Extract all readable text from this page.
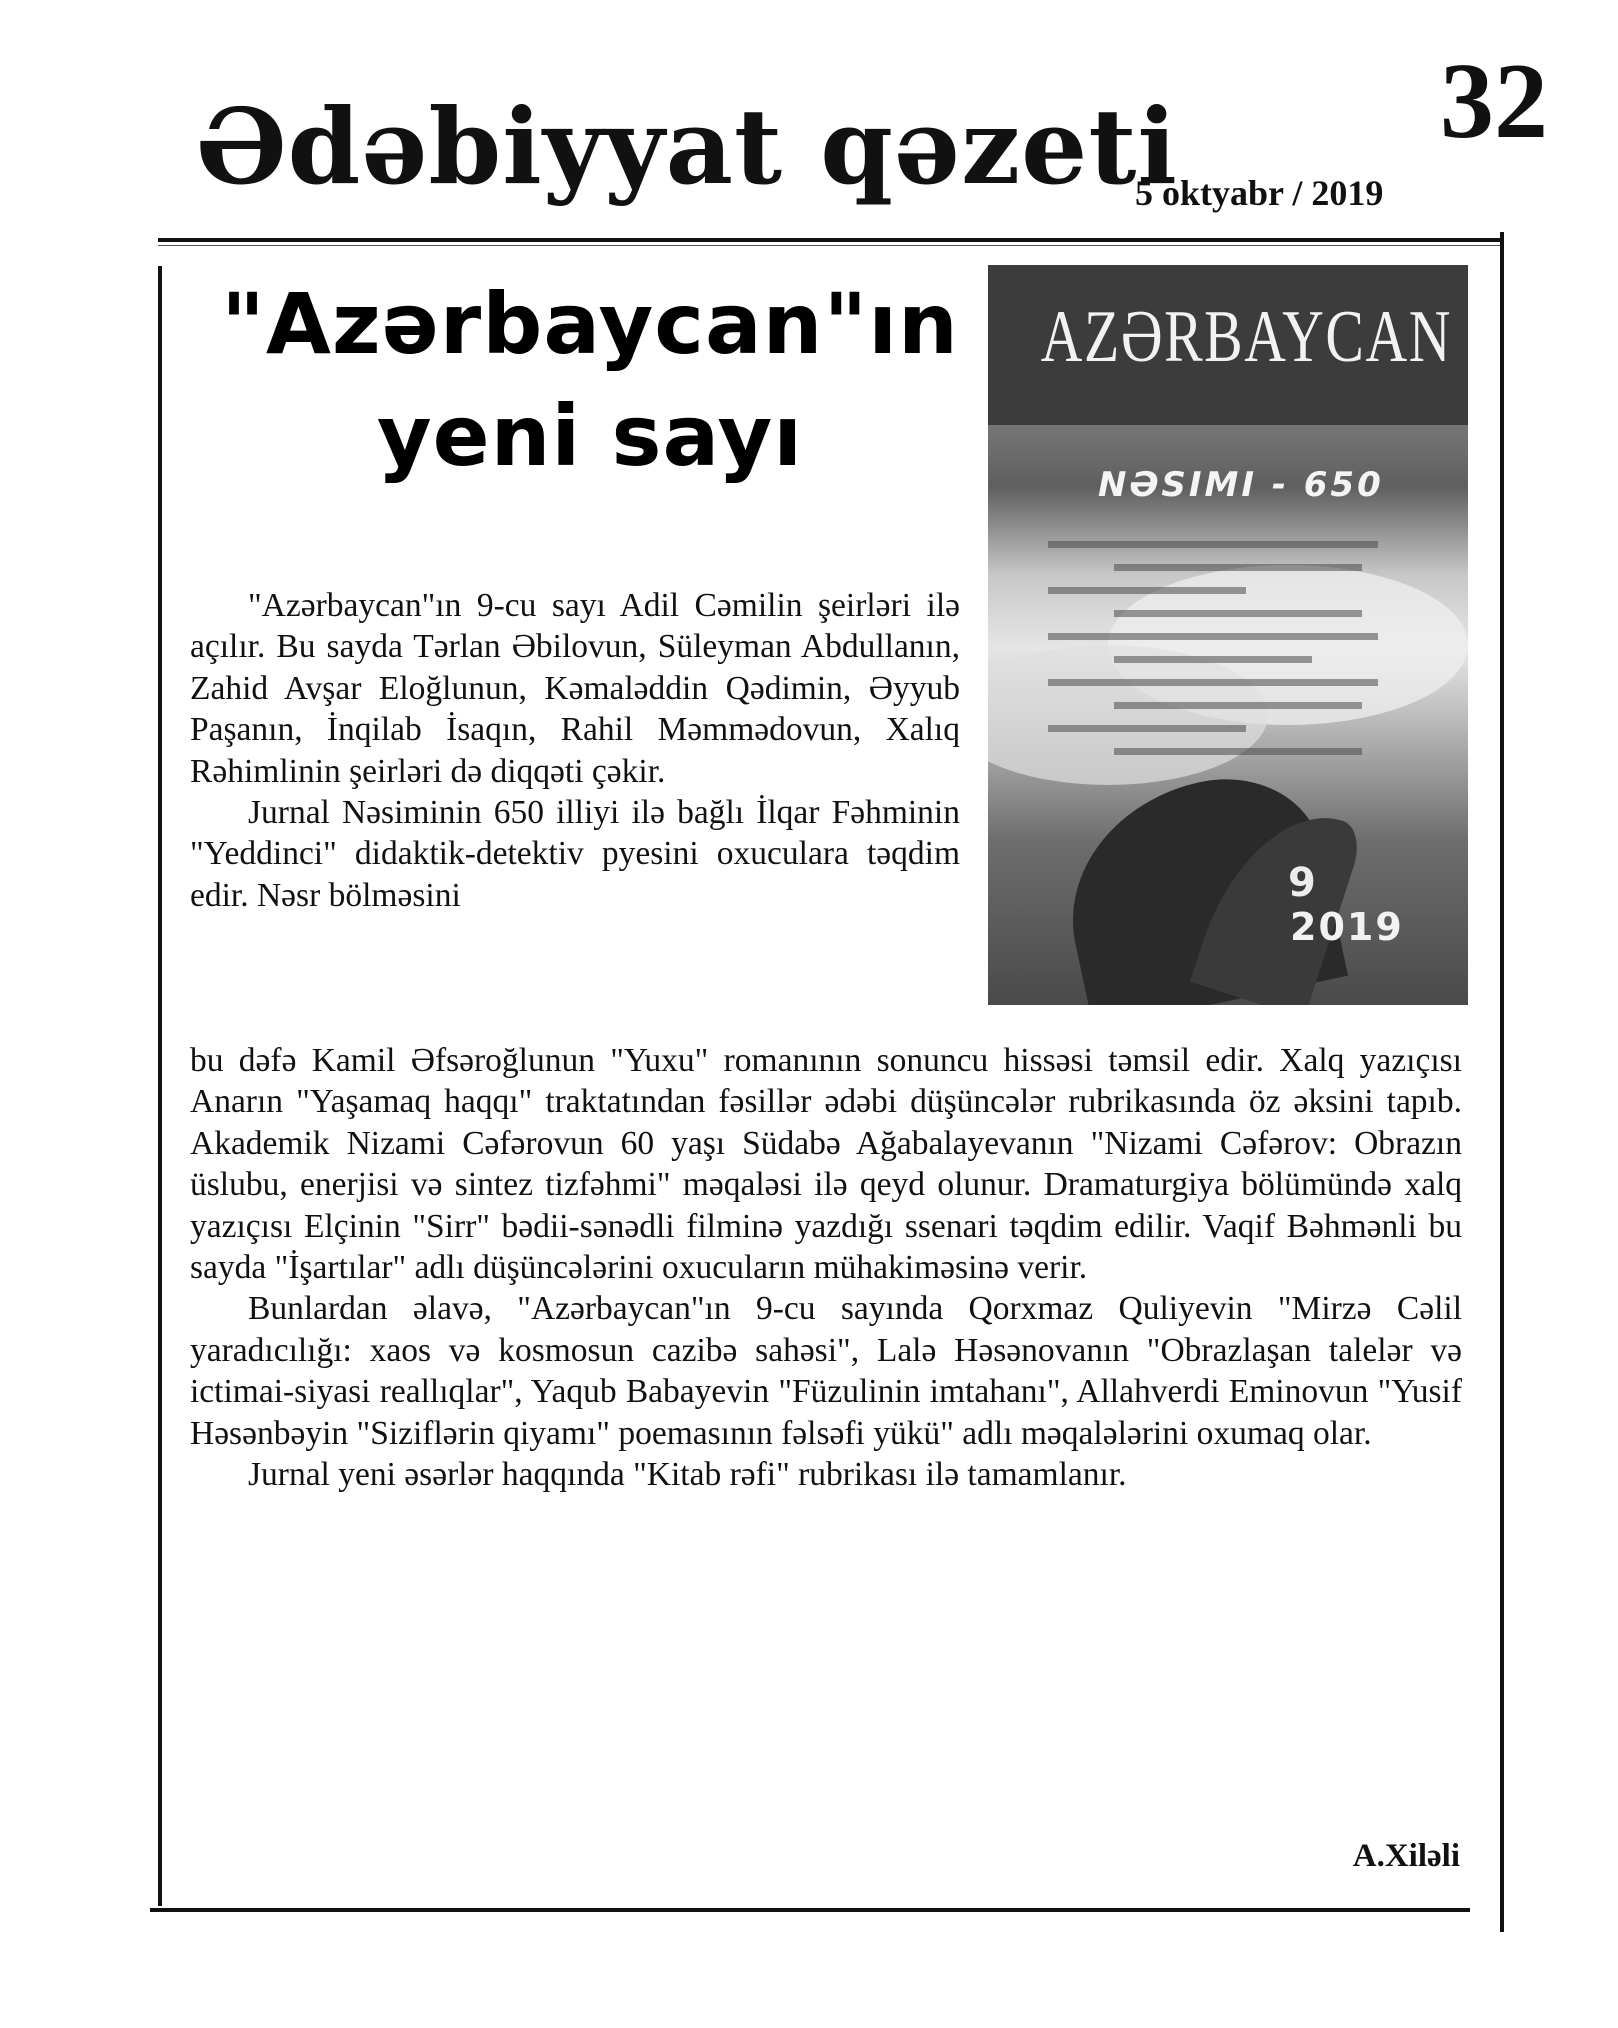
Ədəbiyyat qəzeti 32
5 oktyabr / 2019
"Azərbaycan"ın
yeni sayı
AZƏRBAYCAN
NƏSIMI - 650
9
2019

"Azərbaycan"ın 9-cu sayı Adil Cəmilin şeirləri ilə açılır. Bu sayda Tərlan Əbilovun, Süleyman Abdullanın, Zahid Avşar Eloğlunun, Kəmaləddin Qədimin, Əyyub Paşanın, İnqilab İsaqın, Rahil Məmmədovun, Xalıq Rəhimlinin şeirləri də diqqəti çəkir.

Jurnal Nəsiminin 650 illiyi ilə bağlı İlqar Fəhminin "Yeddinci" didaktik-detektiv pyesini oxuculara təqdim edir. Nəsr bölməsini

bu dəfə Kamil Əfsəroğlunun "Yuxu" romanının sonuncu hissəsi təmsil edir. Xalq yazıçısı Anarın "Yaşamaq haqqı" traktatından fəsillər ədəbi düşüncələr rubrikasında öz əksini tapıb. Akademik Nizami Cəfərovun 60 yaşı Südabə Ağabalayevanın "Nizami Cəfərov: Obrazın üslubu, enerjisi və sintez tizfəhmi" məqaləsi ilə qeyd olunur. Dramaturgiya bölümündə xalq yazıçısı Elçinin "Sirr" bədii-sənədli filminə yazdığı ssenari təqdim edilir. Vaqif Bəhmənli bu sayda "İşartılar" adlı düşüncələrini oxucuların mühakiməsinə verir.

Bunlardan əlavə, "Azərbaycan"ın 9-cu sayında Qorxmaz Quliyevin "Mirzə Cəlil yaradıcılığı: xaos və kosmosun cazibə sahəsi", Lalə Həsənovanın "Obrazlaşan talelər və ictimai-siyasi reallıqlar", Yaqub Babayevin "Füzulinin imtahanı", Allahverdi Eminovun "Yusif Həsənbəyin "Siziflərin qiyamı" poemasının fəlsəfi yükü" adlı məqalələrini oxumaq olar.

Jurnal yeni əsərlər haqqında "Kitab rəfi" rubrikası ilə tamamlanır.

A.Xiləli
